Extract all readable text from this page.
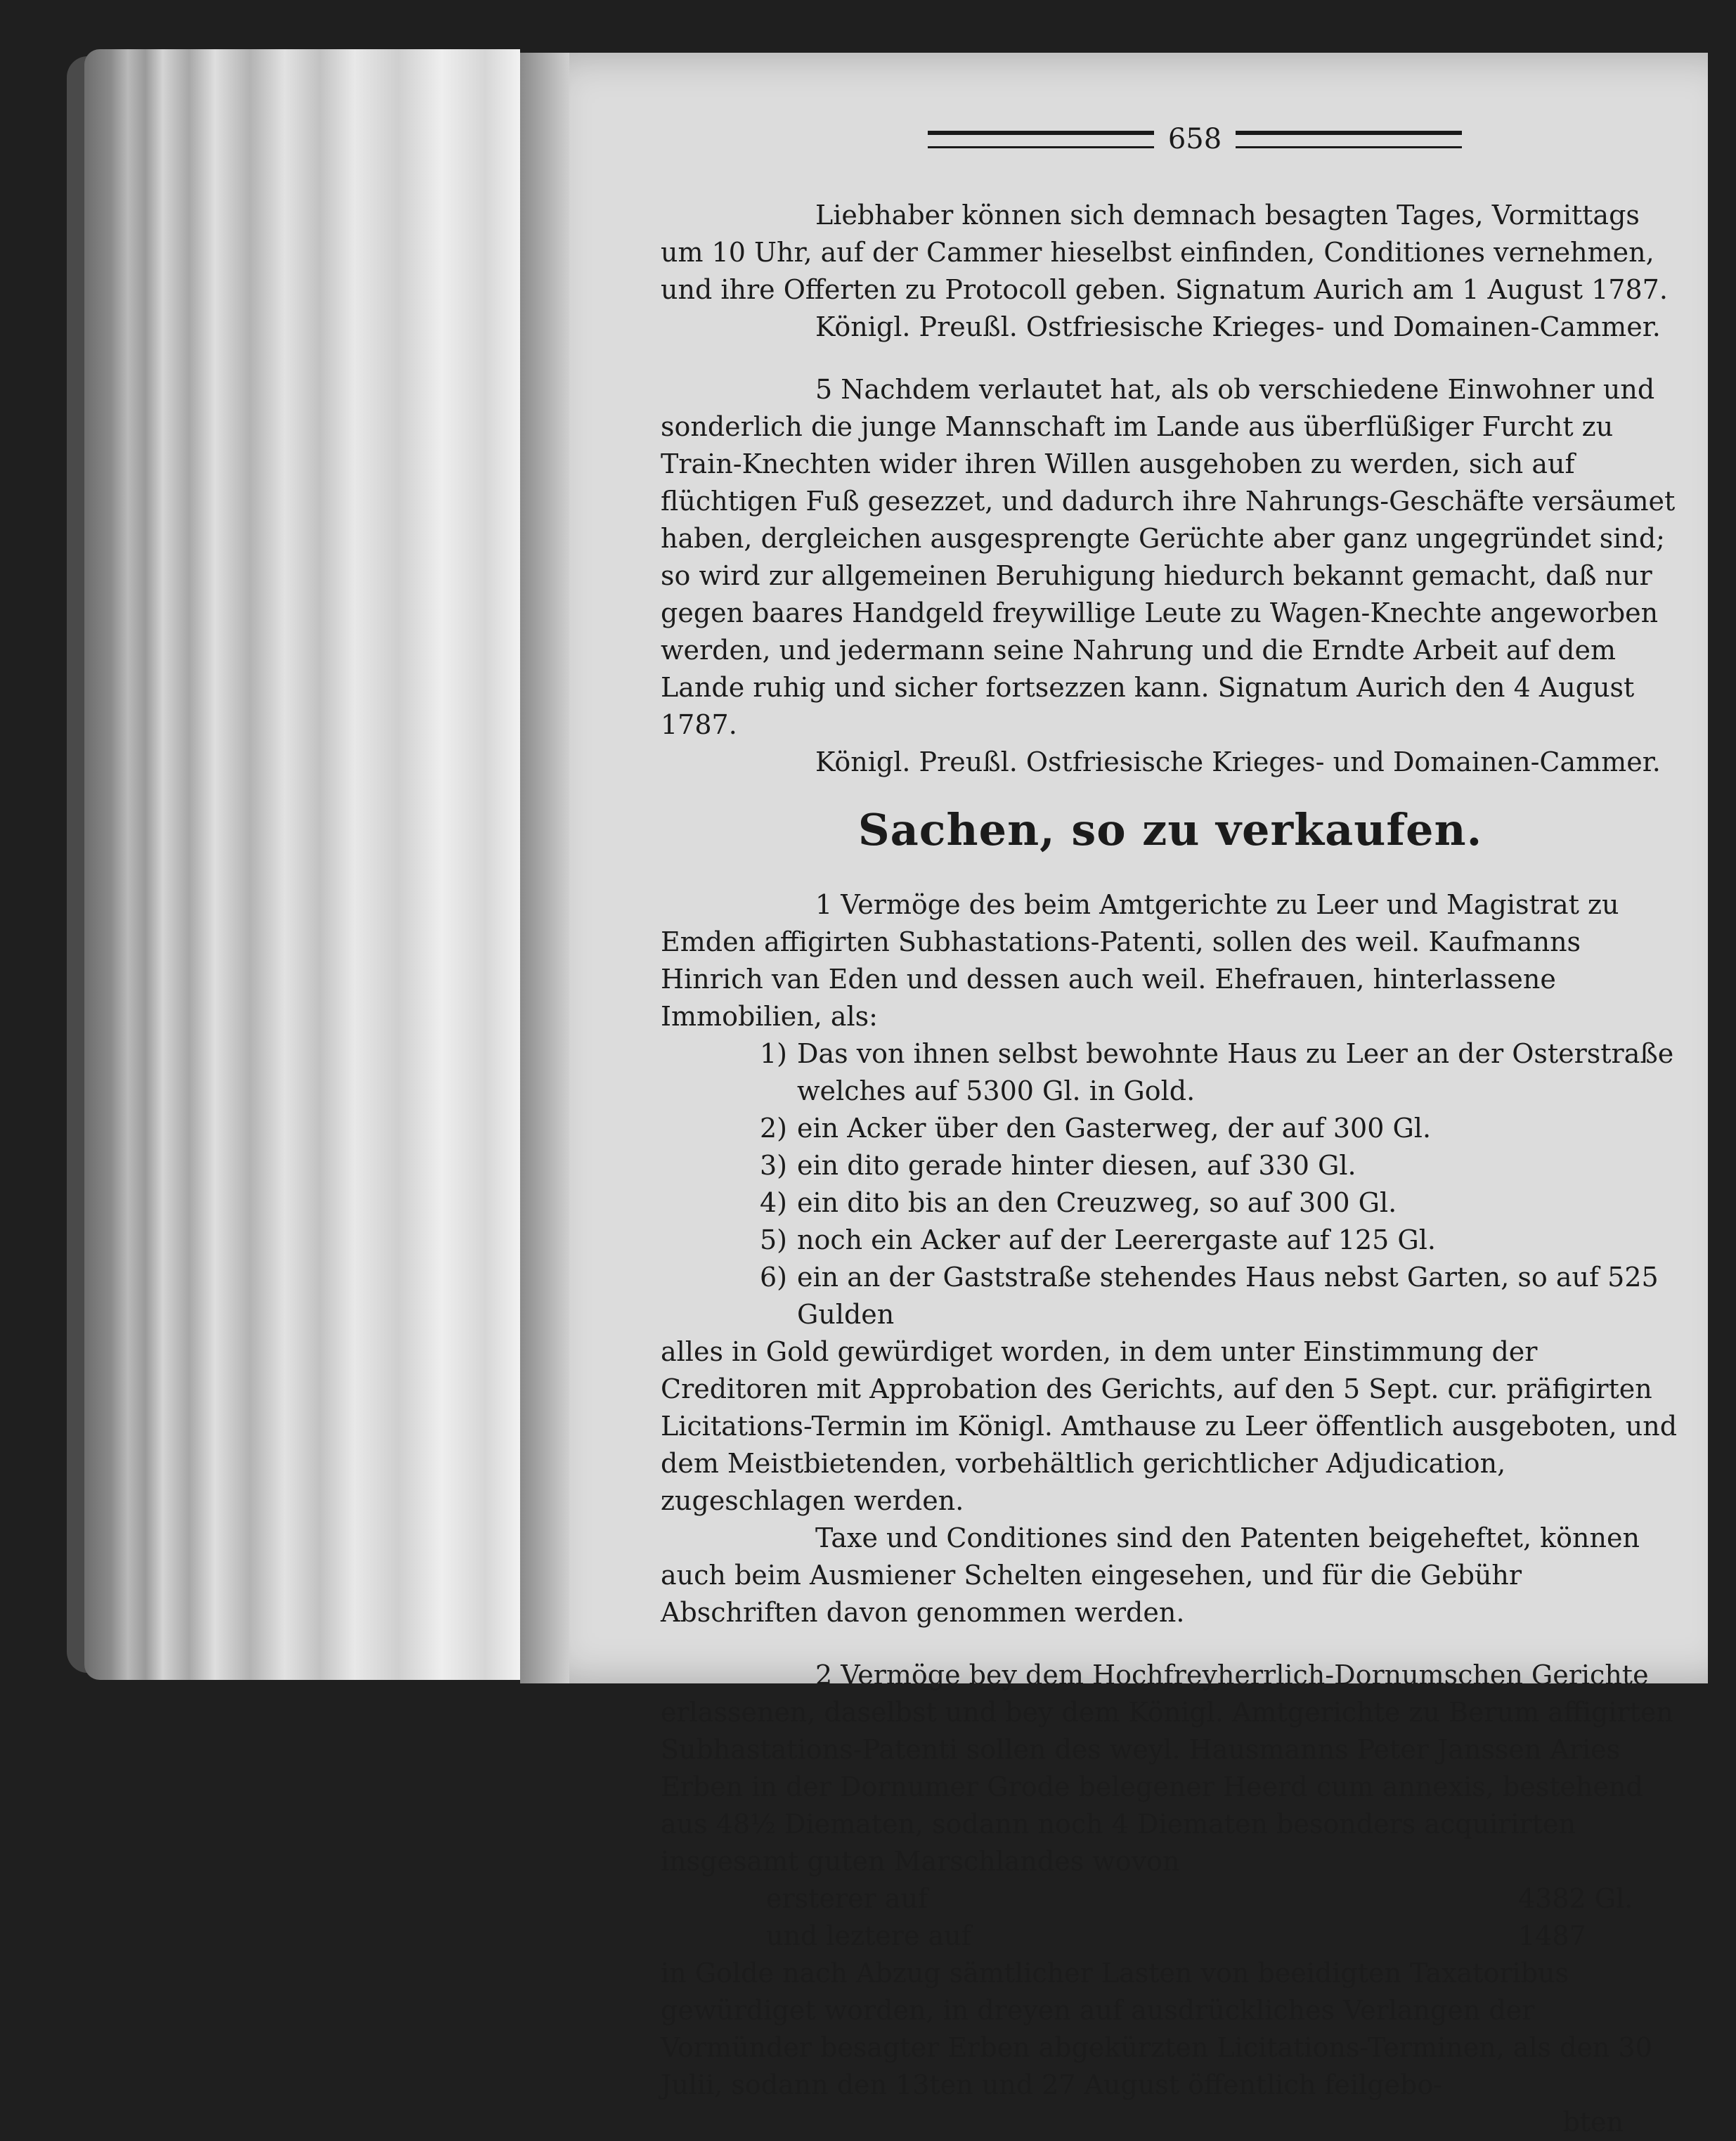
658

Liebhaber können sich demnach besagten Tages, Vormittags um 10 Uhr, auf der Cammer hieselbst einfinden, Conditiones vernehmen, und ihre Offerten zu Protocoll geben. Signatum Aurich am 1 August 1787.

Königl. Preußl. Ostfriesische Krieges- und Domainen-Cammer.

5 Nachdem verlautet hat, als ob verschiedene Einwohner und sonderlich die junge Mannschaft im Lande aus überflüßiger Furcht zu Train-Knechten wider ihren Willen ausgehoben zu werden, sich auf flüchtigen Fuß gesezzet, und dadurch ihre Nahrungs-Geschäfte versäumet haben, dergleichen ausgesprengte Gerüchte aber ganz ungegründet sind; so wird zur allgemeinen Beruhigung hiedurch bekannt gemacht, daß nur gegen baares Handgeld freywillige Leute zu Wagen-Knechte angeworben werden, und jedermann seine Nahrung und die Erndte Arbeit auf dem Lande ruhig und sicher fortsezzen kann. Signatum Aurich den 4 August 1787.

Königl. Preußl. Ostfriesische Krieges- und Domainen-Cammer.

Sachen, so zu verkaufen.

1 Vermöge des beim Amtgerichte zu Leer und Magistrat zu Emden affigirten Subhastations-Patenti, sollen des weil. Kaufmanns Hinrich van Eden und dessen auch weil. Ehefrauen, hinterlassene Immobilien, als:

1) Das von ihnen selbst bewohnte Haus zu Leer an der Osterstraße welches auf 5300 Gl. in Gold.
2) ein Acker über den Gasterweg, der auf 300 Gl.
3) ein dito gerade hinter diesen, auf 330 Gl.
4) ein dito bis an den Creuzweg, so auf 300 Gl.
5) noch ein Acker auf der Leerergaste auf 125 Gl.
6) ein an der Gaststraße stehendes Haus nebst Garten, so auf 525 Gulden

alles in Gold gewürdiget worden, in dem unter Einstimmung der Creditoren mit Approbation des Gerichts, auf den 5 Sept. cur. präfigirten Licitations-Termin im Königl. Amthause zu Leer öffentlich ausgeboten, und dem Meistbietenden, vorbehältlich gerichtlicher Adjudication, zugeschlagen werden.

Taxe und Conditiones sind den Patenten beigeheftet, können auch beim Ausmiener Schelten eingesehen, und für die Gebühr Abschriften davon genommen werden.

2 Vermöge bey dem Hochfreyherrlich-Dornumschen Gerichte erlassenen, daselbst und bey dem Königl. Amtgerichte zu Berum affigirten Subhastations-Patenti sollen des weyl. Hausmanns Peter Janssen Aries Erben in der Dornumer Grode belegener Heerd cum annexis, bestehend aus 48½ Diematen, sodann noch 4 Diematen besonders acquirirten insgesamt guten Marschlandes wovon

ersterer auf	4382 Gl.
und leztere auf	1487

in Golde nach Abzug sämtlicher Lasten von beeidigten Taxatoribus gewürdiget worden, in dreyen auf ausdrückliches Verlangen der Vormünder besagter Erben abgekürzten Licitations-Terminen, als den 30 Julii, sodann den 13ten und 27 August öffentlich feilgebo-

bten
